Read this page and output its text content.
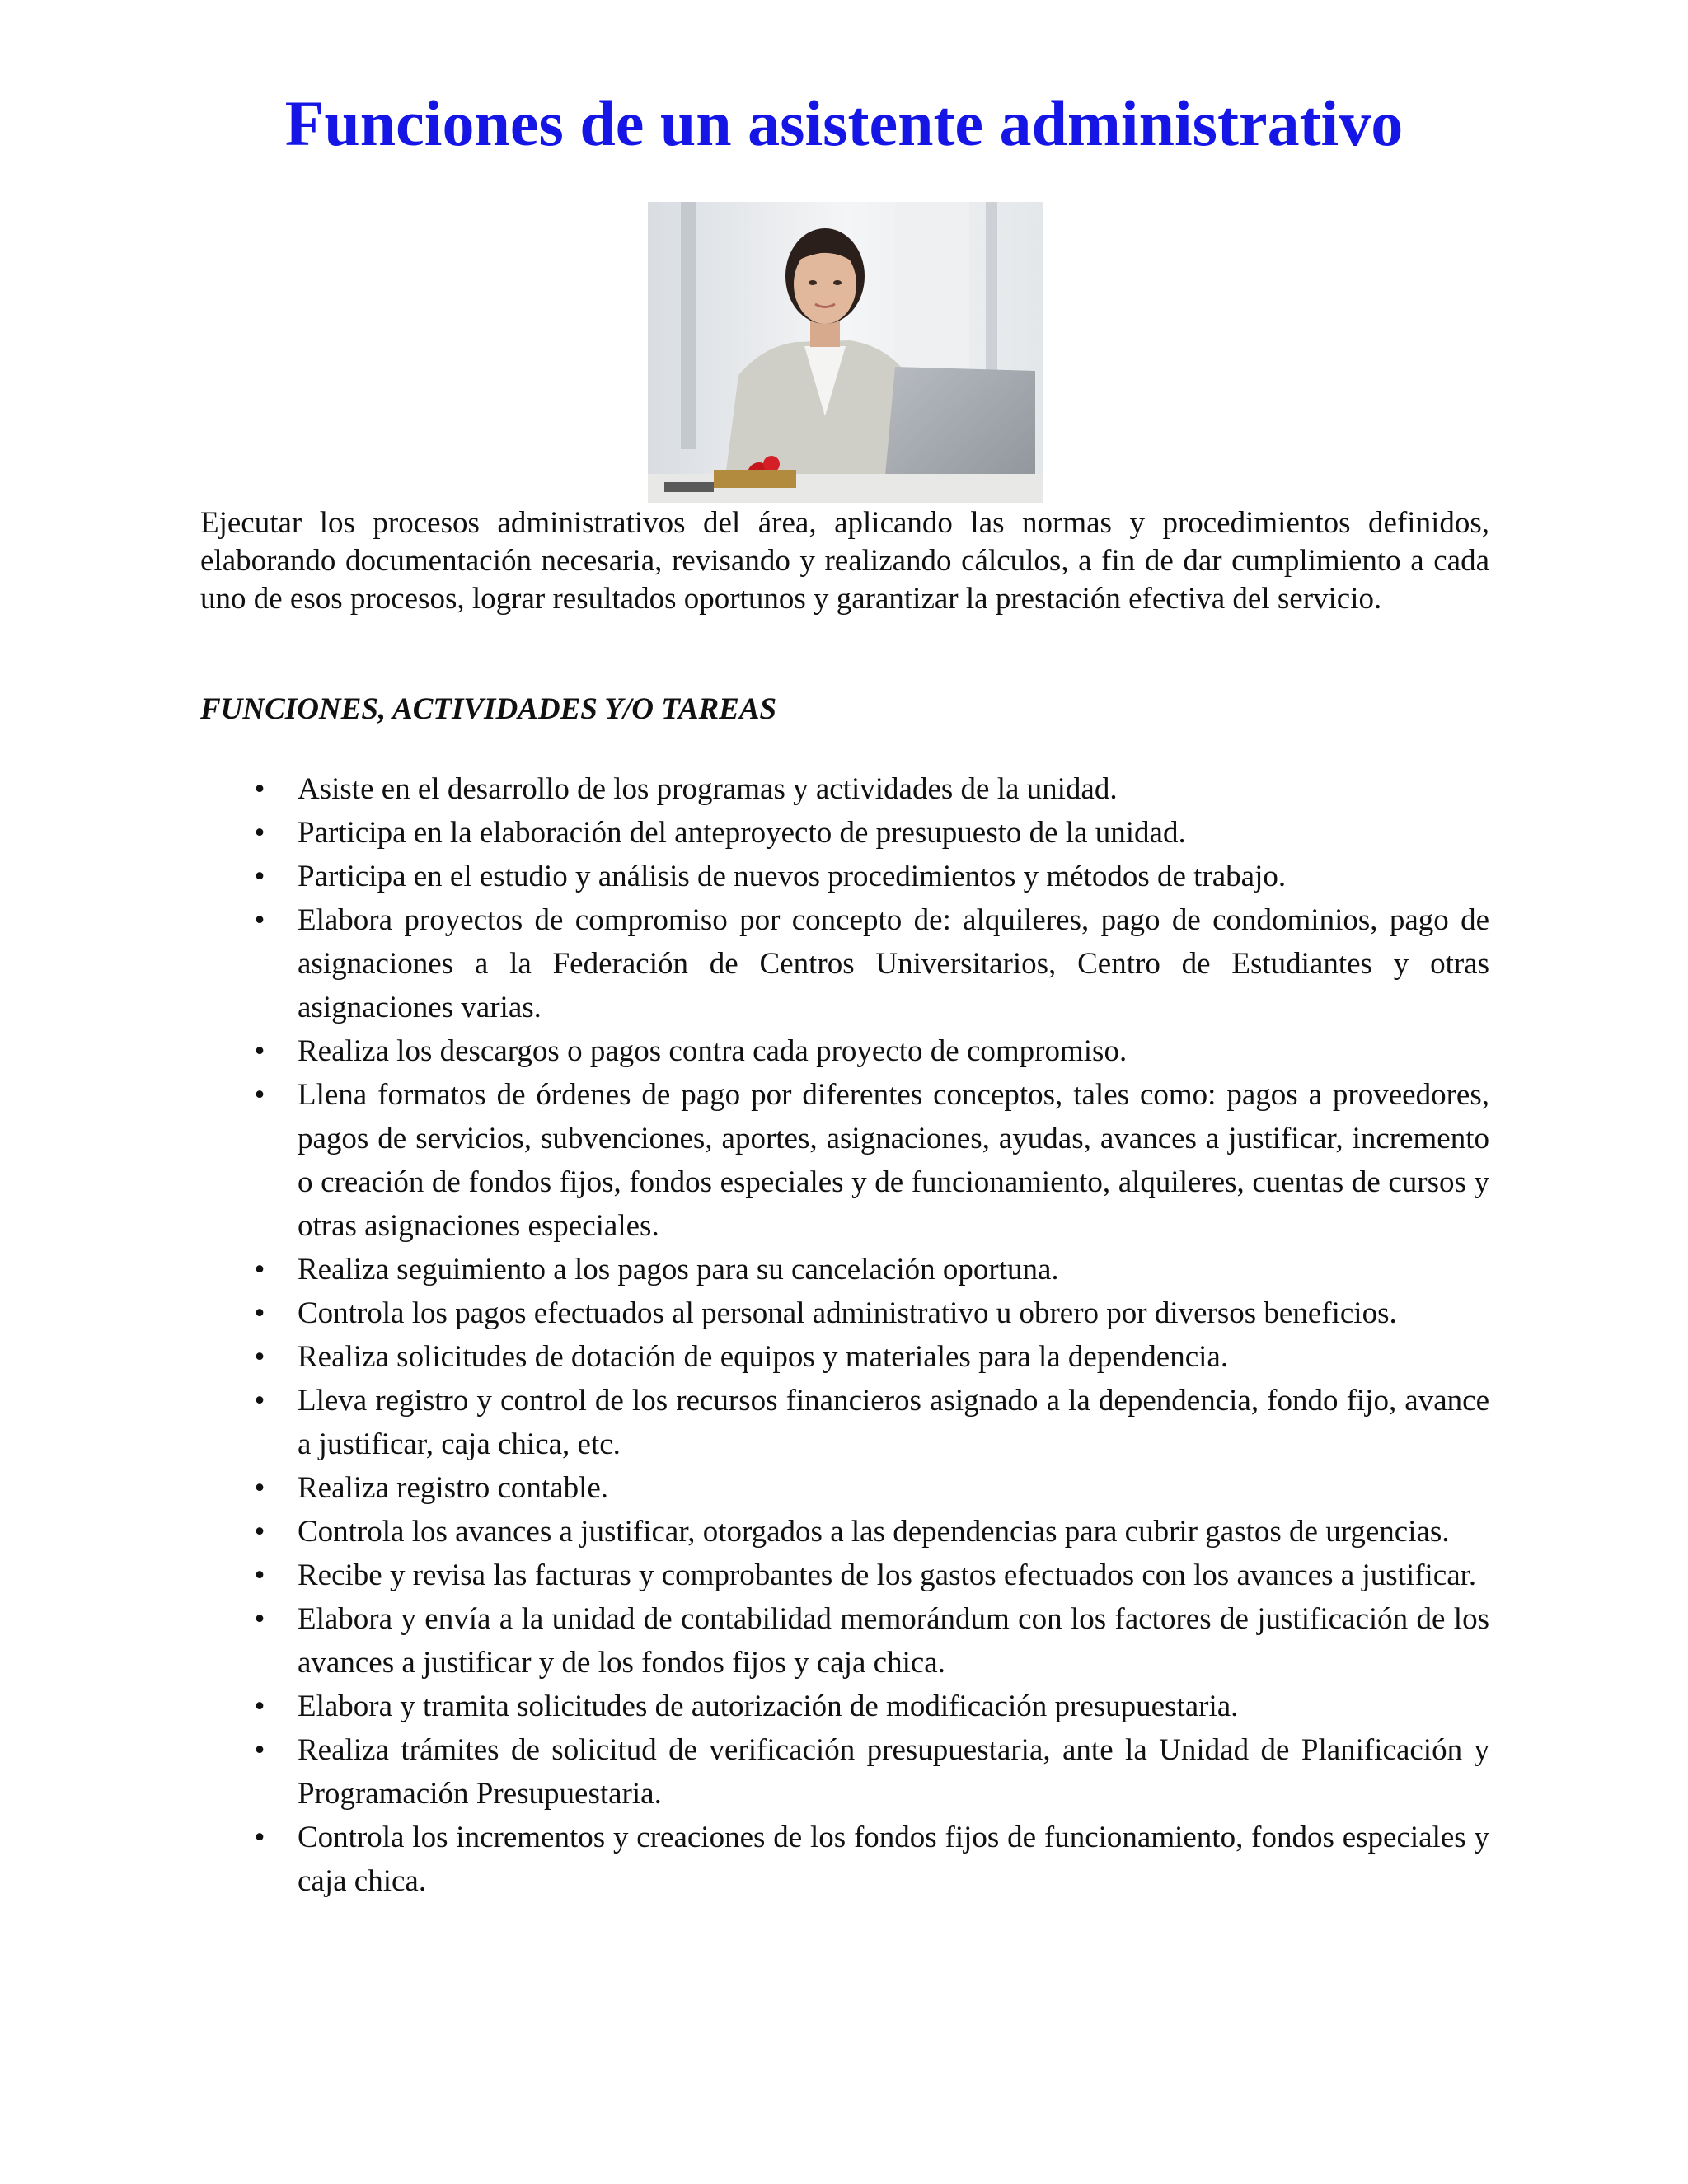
Funciones de un asistente administrativo

Ejecutar los procesos administrativos del área, aplicando las normas y procedimientos definidos, elaborando documentación necesaria, revisando y realizando cálculos, a fin de dar cumplimiento a cada uno de esos procesos, lograr resultados oportunos y garantizar la prestación efectiva del servicio.

FUNCIONES, ACTIVIDADES Y/O TAREAS

•	Asiste en el desarrollo de los programas y actividades de la unidad.
•	Participa en la elaboración del anteproyecto de presupuesto de la unidad.
•	Participa en el estudio y análisis de nuevos procedimientos y métodos de trabajo.
•	Elabora proyectos de compromiso por concepto de: alquileres, pago de condominios, pago de asignaciones a la Federación de Centros Universitarios, Centro de Estudiantes y otras asignaciones varias.
•	Realiza los descargos o pagos contra cada proyecto de compromiso.
•	Llena formatos de órdenes de pago por diferentes conceptos, tales como: pagos a proveedores, pagos de servicios, subvenciones, aportes, asignaciones, ayudas, avances a justificar, incremento o creación de fondos fijos, fondos especiales y de funcionamiento, alquileres, cuentas de cursos y otras asignaciones especiales.
•	Realiza seguimiento a los pagos para su cancelación oportuna.
•	Controla los pagos efectuados al personal administrativo u obrero por diversos beneficios.
•	Realiza solicitudes de dotación de equipos y materiales para la dependencia.
•	Lleva registro y control de los recursos financieros asignado a la dependencia, fondo fijo, avance a justificar, caja chica, etc.
•	Realiza registro contable.
•	Controla los avances a justificar, otorgados a las dependencias para cubrir gastos de urgencias.
•	Recibe y revisa las facturas y comprobantes de los gastos efectuados con los avances a justificar.
•	Elabora y envía a la unidad de contabilidad memorándum con los factores de justificación de los avances a justificar y de los fondos fijos y caja chica.
•	Elabora y tramita solicitudes de autorización de modificación presupuestaria.
•	Realiza trámites de solicitud de verificación presupuestaria, ante la Unidad de Planificación y Programación Presupuestaria.
•	Controla los incrementos y creaciones de los fondos fijos de funcionamiento, fondos especiales y caja chica.
